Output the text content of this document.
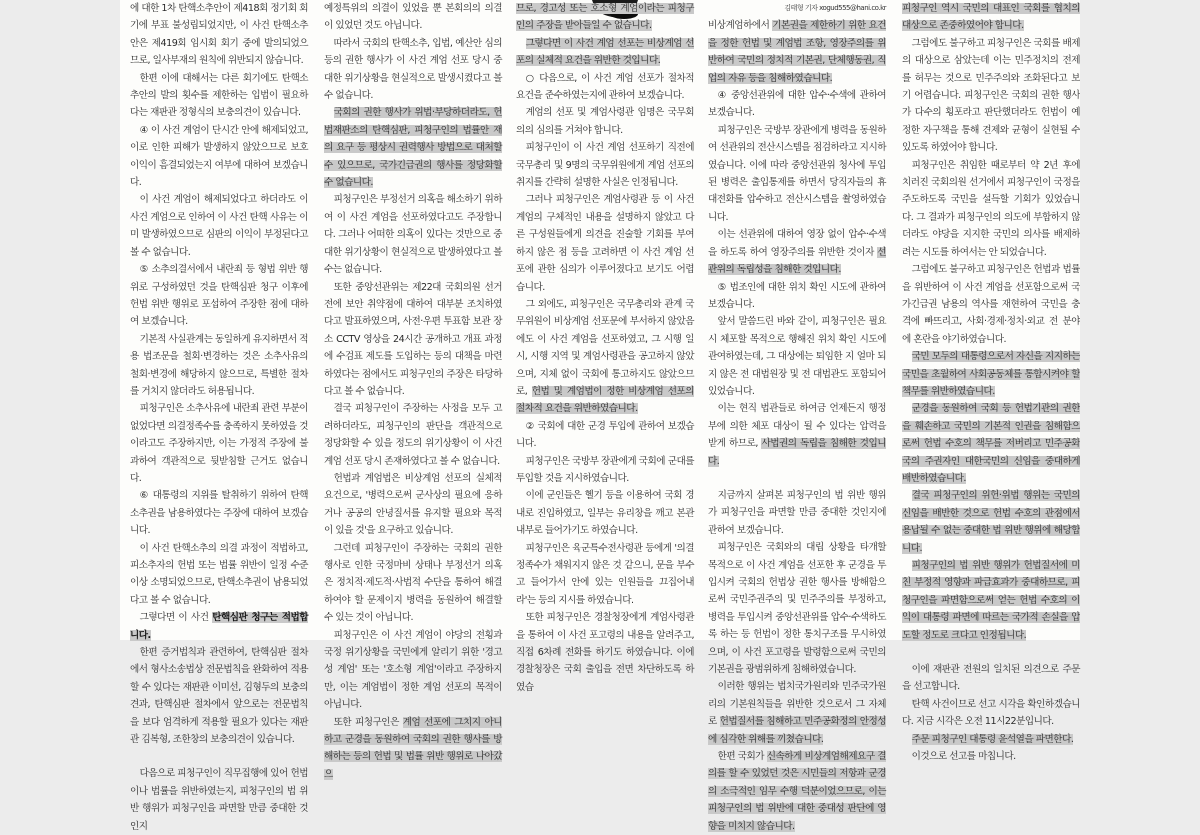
에 대한 1차 탄핵소추안이 제418회 정기회 회기에 부표 불성립되었지만, 이 사건 탄핵소추안은 제419회 임시회 회기 중에 발의되었으므로, 일사부재의 원칙에 위반되지 않습니다.

한편 이에 대해서는 다른 회기에도 탄핵소추안의 발의 횟수를 제한하는 입법이 필요하다는 재판관 정형식의 보충의견이 있습니다.

④ 이 사건 계엄이 단시간 안에 해제되었고, 이로 인한 피해가 발생하지 않았으므로 보호이익이 흠결되었는지 여부에 대하여 보겠습니다.

이 사건 계엄이 해제되었다고 하더라도 이 사건 계엄으로 인하여 이 사건 탄핵 사유는 이미 발생하였으므로 심판의 이익이 부정된다고 볼 수 없습니다.

⑤ 소추의결서에서 내란죄 등 형법 위반 행위로 구성하였던 것을 탄핵심판 청구 이후에 헌법 위반 행위로 포섭하여 주장한 점에 대하여 보겠습니다.

기본적 사실관계는 동일하게 유지하면서 적용 법조문을 철회·변경하는 것은 소추사유의 철회·변경에 해당하지 않으므로, 특별한 절차를 거치지 않더라도 허용됩니다.

피청구인은 소추사유에 내란죄 관련 부분이 없었다면 의결정족수를 충족하지 못하였을 것이라고도 주장하지만, 이는 가정적 주장에 불과하여 객관적으로 뒷받침할 근거도 없습니다.

⑥ 대통령의 지위를 탈취하기 위하여 탄핵소추권을 남용하였다는 주장에 대하여 보겠습니다.

이 사건 탄핵소추의 의결 과정이 적법하고, 피소추자의 헌법 또는 법률 위반이 일정 수준 이상 소명되었으므로, 탄핵소추권이 남용되었다고 볼 수 없습니다.

그렇다면 이 사건 탄핵심판 청구는 적법합니다.

한편 증거법칙과 관련하여, 탄핵심판 절차에서 형사소송법상 전문법칙을 완화하여 적용할 수 있다는 재판관 이미선, 김형두의 보충의견과, 탄핵심판 절차에서 앞으로는 전문법칙을 보다 엄격하게 적용할 필요가 있다는 재판관 김복형, 조한창의 보충의견이 있습니다.

다음으로 피청구인이 직무집행에 있어 헌법이나 법률을 위반하였는지, 피청구인의 법 위반 행위가 피청구인을 파면할 만큼 중대한 것인지

예정특위의 의결이 있었을 뿐 본회의의 의결이 있었던 것도 아닙니다.

따라서 국회의 탄핵소추, 입법, 예산안 심의 등의 권한 행사가 이 사건 계엄 선포 당시 중대한 위기상황을 현실적으로 발생시켰다고 볼 수 없습니다.

국회의 권한 행사가 위법·부당하더라도, 헌법재판소의 탄핵심판, 피청구인의 법률안 재의 요구 등 평상시 권력행사 방법으로 대처할 수 있으므로, 국가긴급권의 행사를 정당화할 수 없습니다.

피청구인은 부정선거 의혹을 해소하기 위하여 이 사건 계엄을 선포하였다고도 주장합니다. 그러나 어떠한 의혹이 있다는 것만으로 중대한 위기상황이 현실적으로 발생하였다고 볼 수는 없습니다.

또한 중앙선관위는 제22대 국회의원 선거 전에 보안 취약점에 대하여 대부분 조치하였다고 발표하였으며, 사전·우편 투표함 보관 장소 CCTV 영상을 24시간 공개하고 개표 과정에 수검표 제도를 도입하는 등의 대책을 마련하였다는 점에서도 피청구인의 주장은 타당하다고 볼 수 없습니다.

결국 피청구인이 주장하는 사정을 모두 고려하더라도, 피청구인의 판단을 객관적으로 정당화할 수 있을 정도의 위기상황이 이 사건 계엄 선포 당시 존재하였다고 볼 수 없습니다.

헌법과 계엄법은 비상계엄 선포의 실체적 요건으로, '병력으로써 군사상의 필요에 응하거나 공공의 안녕질서를 유지할 필요와 목적이 있을 것'을 요구하고 있습니다.

그런데 피청구인이 주장하는 국회의 권한 행사로 인한 국정마비 상태나 부정선거 의혹은 정치적·제도적·사법적 수단을 통하여 해결하여야 할 문제이지 병력을 동원하여 해결할 수 있는 것이 아닙니다.

피청구인은 이 사건 계엄이 야당의 전횡과 국정 위기상황을 국민에게 알리기 위한 '경고성 계엄' 또는 '호소형 계엄'이라고 주장하지만, 이는 계엄법이 정한 계엄 선포의 목적이 아닙니다.

또한 피청구인은 계엄 선포에 그치지 아니하고 군경을 동원하여 국회의 권한 행사를 방해하는 등의 헌법 및 법률 위반 행위로 나아갔으

므로, 경고성 또는 호소형 계엄이라는 피청구인의 주장을 받아들일 수 없습니다.

그렇다면 이 사건 계엄 선포는 비상계엄 선포의 실체적 요건을 위반한 것입니다.

○ 다음으로, 이 사건 계엄 선포가 절차적 요건을 준수하였는지에 관하여 보겠습니다.

계엄의 선포 및 계엄사령관 임명은 국무회의의 심의를 거쳐야 합니다.

피청구인이 이 사건 계엄 선포하기 직전에 국무총리 및 9명의 국무위원에게 계엄 선포의 취지를 간략히 설명한 사실은 인정됩니다.

그러나 피청구인은 계엄사령관 등 이 사건 계엄의 구체적인 내용을 설명하지 않았고 다른 구성원들에게 의견을 진술할 기회를 부여하지 않은 점 등을 고려하면 이 사건 계엄 선포에 관한 심의가 이루어졌다고 보기도 어렵습니다.

그 외에도, 피청구인은 국무총리와 관계 국무위원이 비상계엄 선포문에 부서하지 않았음에도 이 사건 계엄을 선포하였고, 그 시행 일시, 시행 지역 및 계엄사령관을 공고하지 않았으며, 지체 없이 국회에 통고하지도 않았으므로, 헌법 및 계엄법이 정한 비상계엄 선포의 절차적 요건을 위반하였습니다.

② 국회에 대한 군경 투입에 관하여 보겠습니다.

피청구인은 국방부 장관에게 국회에 군대를 투입할 것을 지시하였습니다.

이에 군인들은 헬기 등을 이용하여 국회 경내로 진입하였고, 일부는 유리창을 깨고 본관 내부로 들어가기도 하였습니다.

피청구인은 육군특수전사령관 등에게 '의결정족수가 채워지지 않은 것 같으니, 문을 부수고 들어가서 안에 있는 인원들을 끄집어내라'는 등의 지시를 하였습니다.

또한 피청구인은 경찰청장에게 계엄사령관을 통하여 이 사건 포고령의 내용을 알려주고, 직접 6차례 전화를 하기도 하였습니다. 이에 경찰청장은 국회 출입을 전면 차단하도록 하였습

김태형 기자 xogud555@hani.co.kr

비상계엄하에서 기본권을 제한하기 위한 요건을 정한 헌법 및 계엄법 조항, 영장주의를 위반하여 국민의 정치적 기본권, 단체행동권, 직업의 자유 등을 침해하였습니다.

④ 중앙선관위에 대한 압수·수색에 관하여 보겠습니다.

피청구인은 국방부 장관에게 병력을 동원하여 선관위의 전산시스템을 점검하라고 지시하였습니다. 이에 따라 중앙선관위 청사에 투입된 병력은 출입통제를 하면서 당직자들의 휴대전화를 압수하고 전산시스템을 촬영하였습니다.

이는 선관위에 대하여 영장 없이 압수·수색을 하도록 하여 영장주의를 위반한 것이자 선관위의 독립성을 침해한 것입니다.

⑤ 법조인에 대한 위치 확인 시도에 관하여 보겠습니다.

앞서 말씀드린 바와 같이, 피청구인은 필요시 체포할 목적으로 행해진 위치 확인 시도에 관여하였는데, 그 대상에는 퇴임한 지 얼마 되지 않은 전 대법원장 및 전 대법관도 포함되어 있었습니다.

이는 현직 법관들로 하여금 언제든지 행정부에 의한 체포 대상이 될 수 있다는 압력을 받게 하므로, 사법권의 독립을 침해한 것입니다.

지금까지 살펴본 피청구인의 법 위반 행위가 피청구인을 파면할 만큼 중대한 것인지에 관하여 보겠습니다.

피청구인은 국회와의 대립 상황을 타개할 목적으로 이 사건 계엄을 선포한 후 군경을 투입시켜 국회의 헌법상 권한 행사를 방해함으로써 국민주권주의 및 민주주의를 부정하고, 병력을 투입시켜 중앙선관위를 압수·수색하도록 하는 등 헌법이 정한 통치구조를 무시하였으며, 이 사건 포고령을 발령함으로써 국민의 기본권을 광범위하게 침해하였습니다.

이러한 행위는 법치국가원리와 민주국가원리의 기본원칙들을 위반한 것으로서 그 자체로 헌법질서를 침해하고 민주공화정의 안정성에 심각한 위해를 끼쳤습니다.

한편 국회가 신속하게 비상계엄해제요구 결의를 할 수 있었던 것은 시민들의 저항과 군경의 소극적인 임무 수행 덕분이었으므로, 이는 피청구인의 법 위반에 대한 중대성 판단에 영향을 미치지 않습니다.

피청구인 역시 국민의 대표인 국회를 협치의 대상으로 존중하였어야 합니다.

그럼에도 불구하고 피청구인은 국회를 배제의 대상으로 삼았는데 이는 민주정치의 전제를 허무는 것으로 민주주의와 조화된다고 보기 어렵습니다. 피청구인은 국회의 권한 행사가 다수의 횡포라고 판단했더라도 헌법이 예정한 자구책을 통해 견제와 균형이 실현될 수 있도록 하였어야 합니다.

피청구인은 취임한 때로부터 약 2년 후에 치러진 국회의원 선거에서 피청구인이 국정을 주도하도록 국민을 설득할 기회가 있었습니다. 그 결과가 피청구인의 의도에 부합하지 않더라도 야당을 지지한 국민의 의사를 배제하려는 시도를 하여서는 안 되었습니다.

그럼에도 불구하고 피청구인은 헌법과 법률을 위반하여 이 사건 계엄을 선포함으로써 국가긴급권 남용의 역사를 재현하여 국민을 충격에 빠뜨리고, 사회·경제·정치·외교 전 분야에 혼란을 야기하였습니다.

국민 모두의 대통령으로서 자신을 지지하는 국민을 초월하여 사회공동체를 통합시켜야 할 책무를 위반하였습니다.

군경을 동원하여 국회 등 헌법기관의 권한을 훼손하고 국민의 기본적 인권을 침해함으로써 헌법 수호의 책무를 저버리고 민주공화국의 주권자인 대한국민의 신임을 중대하게 배반하였습니다.

결국 피청구인의 위헌·위법 행위는 국민의 신임을 배반한 것으로 헌법 수호의 관점에서 용납될 수 없는 중대한 법 위반 행위에 해당합니다.

피청구인의 법 위반 행위가 헌법질서에 미친 부정적 영향과 파급효과가 중대하므로, 피청구인을 파면함으로써 얻는 헌법 수호의 이익이 대통령 파면에 따르는 국가적 손실을 압도할 정도로 크다고 인정됩니다.

이에 재판관 전원의 일치된 의견으로 주문을 선고합니다.

탄핵 사건이므로 선고 시각을 확인하겠습니다. 지금 시각은 오전 11시22분입니다.

주문 피청구인 대통령 윤석열을 파면한다.

이것으로 선고를 마칩니다.
